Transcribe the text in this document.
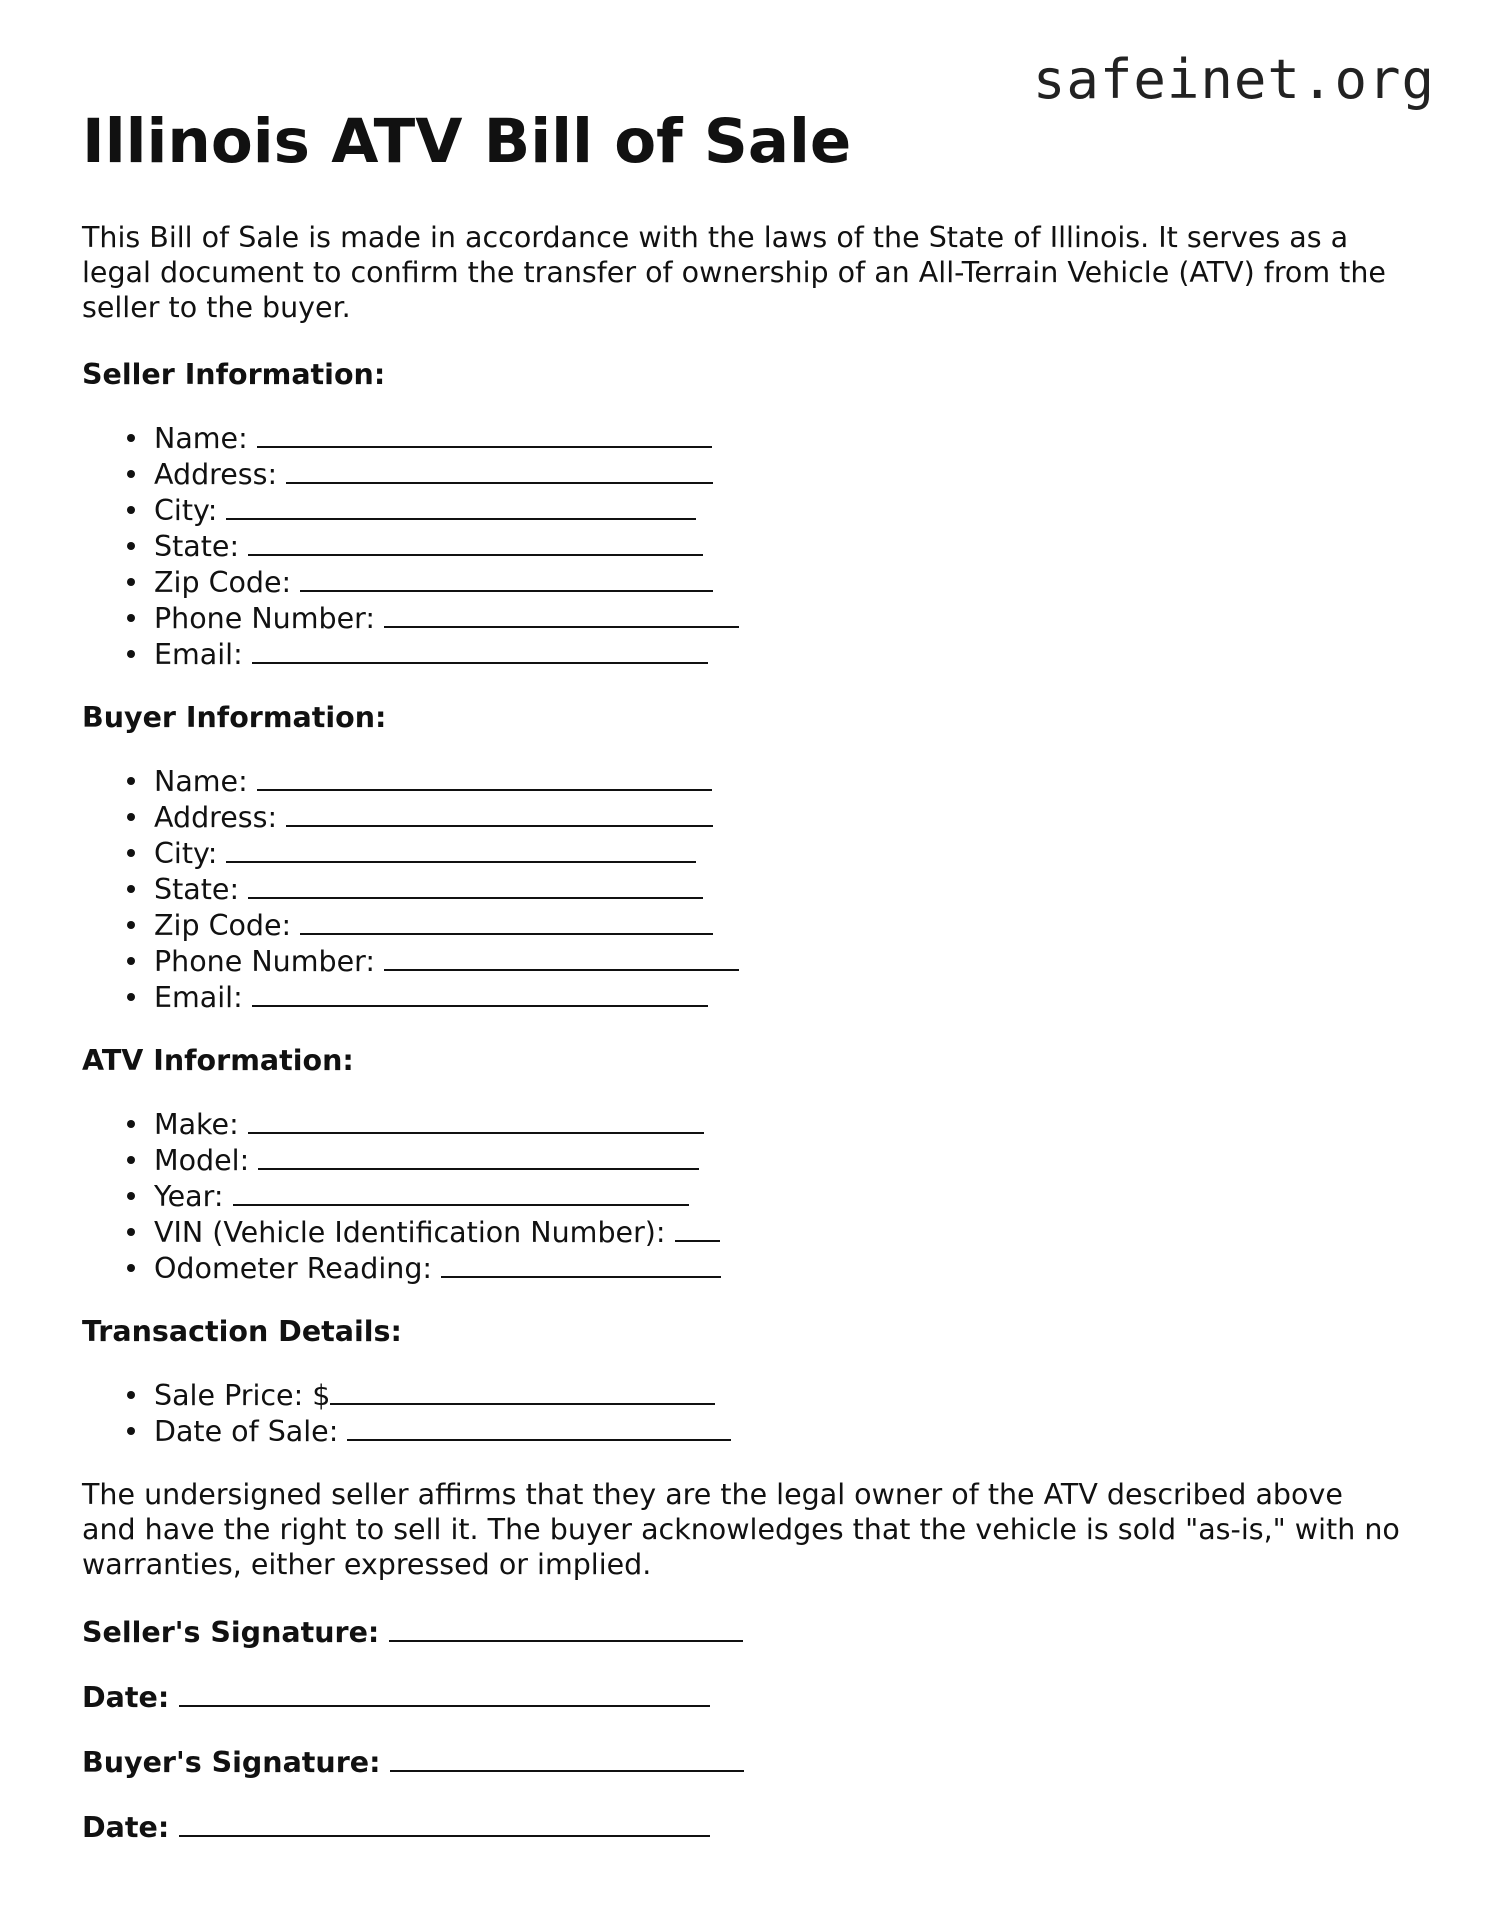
safeinet.org
Illinois ATV Bill of Sale

This Bill of Sale is made in accordance with the laws of the State of Illinois. It serves as a legal document to confirm the transfer of ownership of an All-Terrain Vehicle (ATV) from the seller to the buyer.

Seller Information:
Name:
Address:
City:
State:
Zip Code:
Phone Number:
Email:
Buyer Information:
Name:
Address:
City:
State:
Zip Code:
Phone Number:
Email:
ATV Information:
Make:
Model:
Year:
VIN (Vehicle Identification Number):
Odometer Reading:
Transaction Details:
Sale Price: $
Date of Sale:

The undersigned seller affirms that they are the legal owner of the ATV described above and have the right to sell it. The buyer acknowledges that the vehicle is sold "as-is," with no warranties, either expressed or implied.

Seller's Signature:
Date:
Buyer's Signature:
Date:
